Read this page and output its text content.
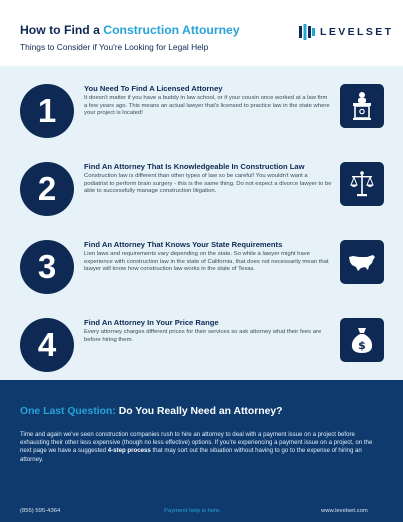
How to Find a Construction Attourney
Things to Consider if You're Looking for Legal Help
LEVELSET
1
You Need To Find A Licensed Attorney
It doesn't matter if you have a buddy in law school, or if your cousin once worked at a law firm a few years ago. This means an actual lawyer that's licensed to practice law in the state where your project is located!
2
Find An Attorney That Is Knowledgeable In Construction Law
Construction law is different than other types of law so be careful! You wouldn't want a podiatrist to perform brain surgery - this is the same thing. Do not expect a divorce lawyer to be able to successfully manage construction litigation.
3
Find An Attorney That Knows Your State Requirements
Lien laws and requirements vary depending on the state. So while a lawyer might have experience with construction law in the state of California, that does not necessarily mean that lawyer will know how construction law works in the state of Texas.
4
Find An Attorney In Your Price Range
Every attorney charges different prices for their services so ask attorney what their fees are before hiring them.	$
One Last Question: Do You Really Need an Attorney?
Time and again we've seen construction companies rush to hire an attorney to deal with a payment issue on a project before exhausting their other less expensive (though no less effective) options. If you're experiencing a payment issue on a project, on the next page we have a suggested 4-step process that may sort out the situation without having to go to the expense of hiring an attorney.
(855) 595-4364	Payment help is here.	www.levelset.com
